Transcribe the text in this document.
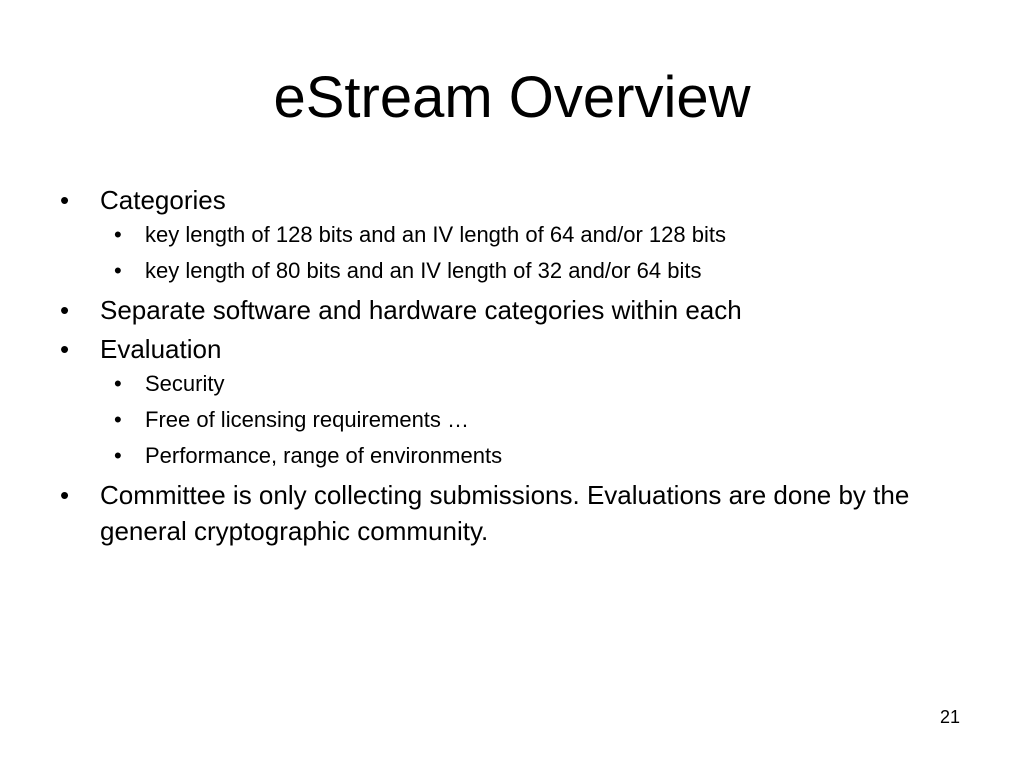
eStream Overview
• Categories
• key length of 128 bits and an IV length of 64 and/or 128 bits
• key length of 80 bits and an IV length of 32 and/or 64 bits
• Separate software and hardware categories within each
• Evaluation
• Security
• Free of licensing requirements …
• Performance, range of environments
• Committee is only collecting submissions. Evaluations are done by the general cryptographic community.
21
